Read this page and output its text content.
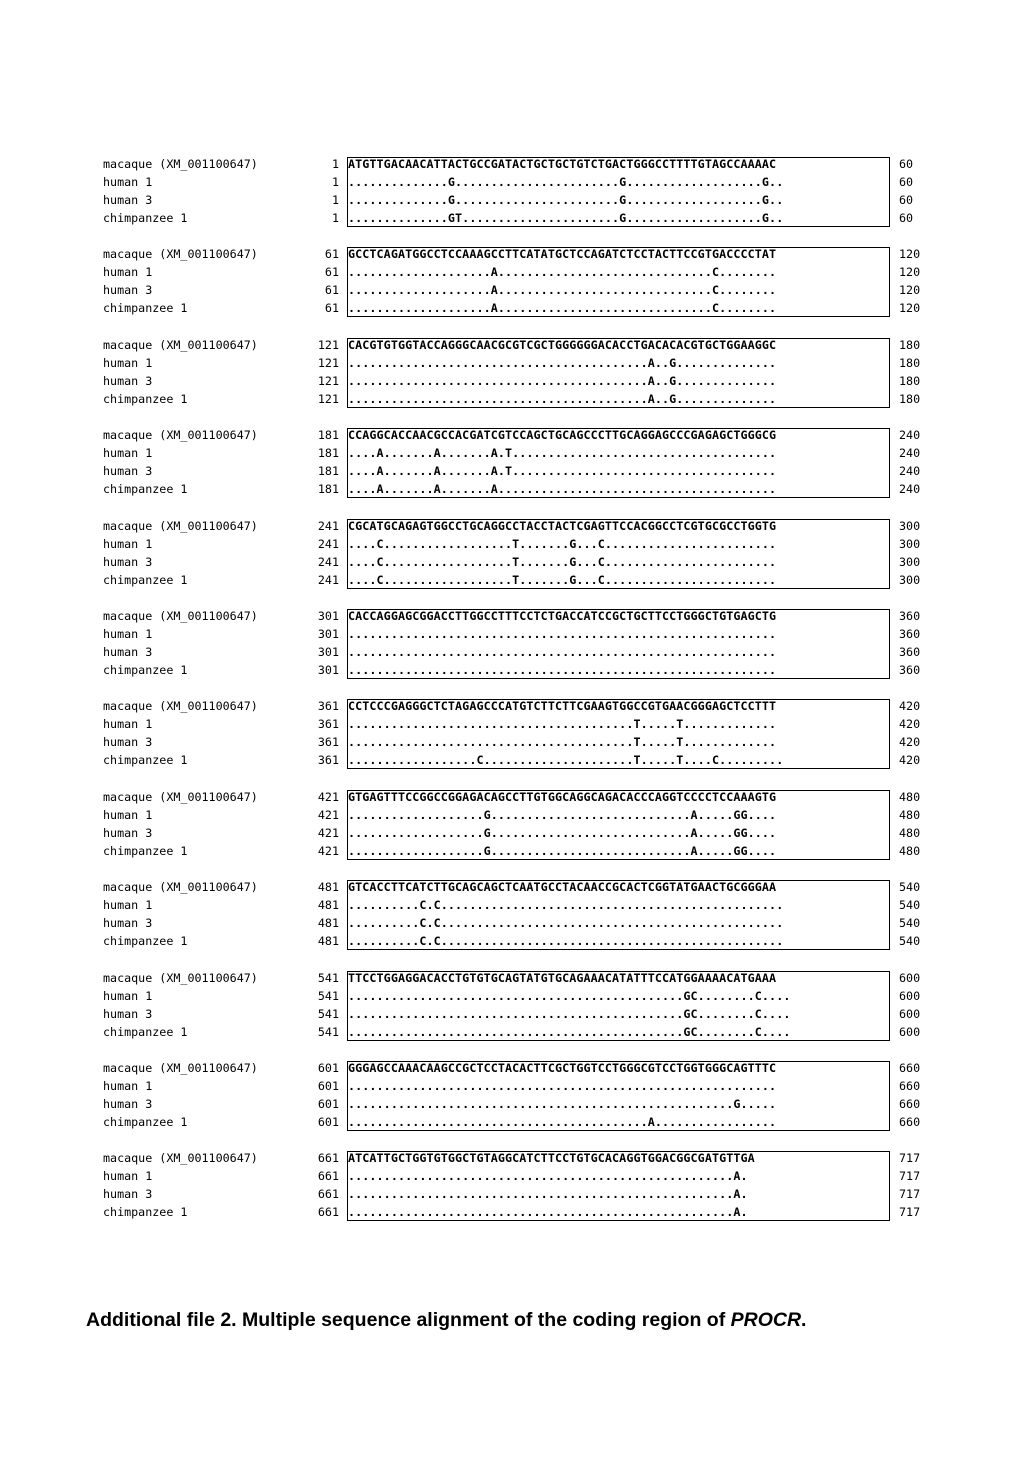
macaque (XM_001100647)	1 ATGTTGACAACATTACTGCCGATACTGCTGCTGTCTGACTGGGCCTTTTGTAGCCAAAAC	60
human 1	1 ..............G.......................G...................G..	60
human 3	1 ..............G.......................G...................G..	60
chimpanzee 1	1 ..............GT......................G...................G..	60
macaque (XM_001100647)	61 GCCTCAGATGGCCTCCAAAGCCTTCATATGCTCCAGATCTCCTACTTCCGTGACCCCTAT	120
human 1	61 ....................A..............................C........	120
human 3	61 ....................A..............................C........	120
chimpanzee 1	61 ....................A..............................C........	120
macaque (XM_001100647)	121 CACGTGTGGTACCAGGGCAACGCGTCGCTGGGGGGACACCTGACACACGTGCTGGAAGGC	180
human 1	121 ..........................................A..G..............	180
human 3	121 ..........................................A..G..............	180
chimpanzee 1	121 ..........................................A..G..............	180
macaque (XM_001100647)	181 CCAGGCACCAACGCCACGATCGTCCAGCTGCAGCCCTTGCAGGAGCCCGAGAGCTGGGCG	240
human 1	181 ....A.......A.......A.T.....................................	240
human 3	181 ....A.......A.......A.T.....................................	240
chimpanzee 1	181 ....A.......A.......A.......................................	240
macaque (XM_001100647)	241 CGCATGCAGAGTGGCCTGCAGGCCTACCTACTCGAGTTCCACGGCCTCGTGCGCCTGGTG	300
human 1	241 ....C..................T.......G...C........................	300
human 3	241 ....C..................T.......G...C........................	300
chimpanzee 1	241 ....C..................T.......G...C........................	300
macaque (XM_001100647)	301 CACCAGGAGCGGACCTTGGCCTTTCCTCTGACCATCCGCTGCTTCCTGGGCTGTGAGCTG	360
human 1	301 ............................................................	360
human 3	301 ............................................................	360
chimpanzee 1	301 ............................................................	360
macaque (XM_001100647)	361 CCTCCCGAGGGCTCTAGAGCCCATGTCTTCTTCGAAGTGGCCGTGAACGGGAGCTCCTTT	420
human 1	361 ........................................T.....T.............	420
human 3	361 ........................................T.....T.............	420
chimpanzee 1	361 ..................C.....................T.....T....C.........	420
macaque (XM_001100647)	421 GTGAGTTTCCGGCCGGAGACAGCCTTGTGGCAGGCAGACACCCAGGTCCCCTCCAAAGTG	480
human 1	421 ...................G............................A.....GG....	480
human 3	421 ...................G............................A.....GG....	480
chimpanzee 1	421 ...................G............................A.....GG....	480
macaque (XM_001100647)	481 GTCACCTTCATCTTGCAGCAGCTCAATGCCTACAACCGCACTCGGTATGAACTGCGGGAA	540
human 1	481 ..........C.C................................................	540
human 3	481 ..........C.C................................................	540
chimpanzee 1	481 ..........C.C................................................	540
macaque (XM_001100647)	541 TTCCTGGAGGACACCTGTGTGCAGTATGTGCAGAAACATATTTCCATGGAAAACATGAAA	600
human 1	541 ...............................................GC........C....	600
human 3	541 ...............................................GC........C....	600
chimpanzee 1	541 ...............................................GC........C....	600
macaque (XM_001100647)	601 GGGAGCCAAACAAGCCGCTCCTACACTTCGCTGGTCCTGGGCGTCCTGGTGGGCAGTTTC	660
human 1	601 ............................................................	660
human 3	601 ......................................................G.....	660
chimpanzee 1	601 ..........................................A.................	660
macaque (XM_001100647)	661 ATCATTGCTGGTGTGGCTGTAGGCATCTTCCTGTGCACAGGTGGACGGCGATGTTGA	717
human 1	661 ......................................................A.	717
human 3	661 ......................................................A.	717
chimpanzee 1	661 ......................................................A.	717
Additional file 2. Multiple sequence alignment of the coding region of PROCR.
